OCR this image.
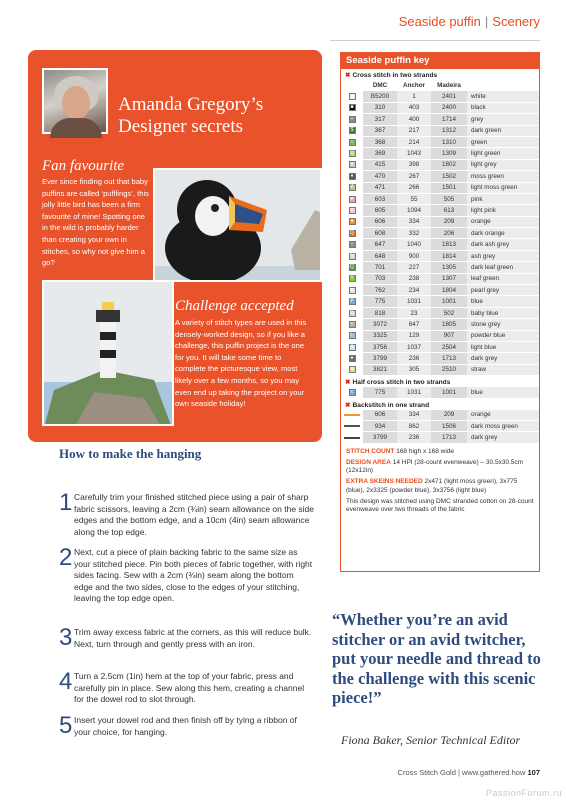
Seaside puffin | Scenery
Amanda Gregory’s Designer secrets
Fan favourite
Ever since finding out that baby puffins are called ‘pufflings’, this jolly little bird has been a firm favourite of mine! Spotting one in the wild is probably harder than creating your own in stitches, so why not give him a go?
Challenge accepted
A variety of stitch types are used in this densely-worked design, so if you like a challenge, this puffin project is the one for you. It will take some time to complete the picturesque view, most likely over a few months, so you may even end up taking the project on your own seaside holiday!
Seaside puffin key
✖ Cross stitch in two strands
DMC	Anchor	Madeira
∩	B5200	1	2401	white
■	310	403	2400	black
▪	317	400	1714	grey
$	367	217	1312	dark green
○	368	214	1310	green
▽	369	1043	1309	light green
♦	415	398	1802	light grey
♦	470	267	1502	moss green
Z	471	266	1501	light moss green
♥	603	55	505	pink
¤	605	1094	613	light pink
●	606	334	209	orange
Q	608	332	206	dark orange
○	647	1040	1813	dark ash grey
N	648	900	1814	ash grey
Q	701	227	1305	dark leaf green
Y	703	238	1307	leaf green
★	762	234	1804	pearl grey
P	775	1031	1001	blue
%	818	23	502	baby blue
≈	3072	847	1805	stone grey
☾	3325	129	907	powder blue
&	3756	1037	2504	light blue
♠	3799	236	1713	dark grey
★	3821	305	2510	straw
✖ Half cross stitch in two strands
c	775	1031	1001	blue
✖ Backstitch in one strand
606	334	209	orange
934	862	1506	dark moss green
3799	236	1713	dark grey

STITCH COUNT 168 high x 168 wide

DESIGN AREA 14 HPI (28-count evenweave) – 30.5x30.5cm (12x12in)

EXTRA SKEINS NEEDED 2x471 (light moss green), 3x775 (blue), 2x3325 (powder blue), 3x3756 (light blue)

This design was stitched using DMC stranded cotton on 28-count evenweave over two threads of the fabric

How to make the hanging
1 Carefully trim your finished stitched piece using a pair of sharp fabric scissors, leaving a 2cm (¾in) seam allowance on the side edges and the bottom edge, and a 10cm (4in) seam allowance along the top edge.
2 Next, cut a piece of plain backing fabric to the same size as your stitched piece. Pin both pieces of fabric together, with right sides facing. Sew with a 2cm (¾in) seam along the bottom edge and the two sides, close to the edges of your stitching, leaving the top edge open.
3 Trim away excess fabric at the corners, as this will reduce bulk. Next, turn through and gently press with an iron.
4 Turn a 2.5cm (1in) hem at the top of your fabric, press and carefully pin in place. Sew along this hem, creating a channel for the dowel rod to slot through.
5 Insert your dowel rod and then finish off by tying a ribbon of your choice, for hanging.
“Whether you’re an avid stitcher or an avid twitcher, put your needle and thread to the challenge with this scenic piece!”
Fiona Baker, Senior Technical Editor
Cross Stitch Gold | www.gathered.how 107
PassionForum.ru
